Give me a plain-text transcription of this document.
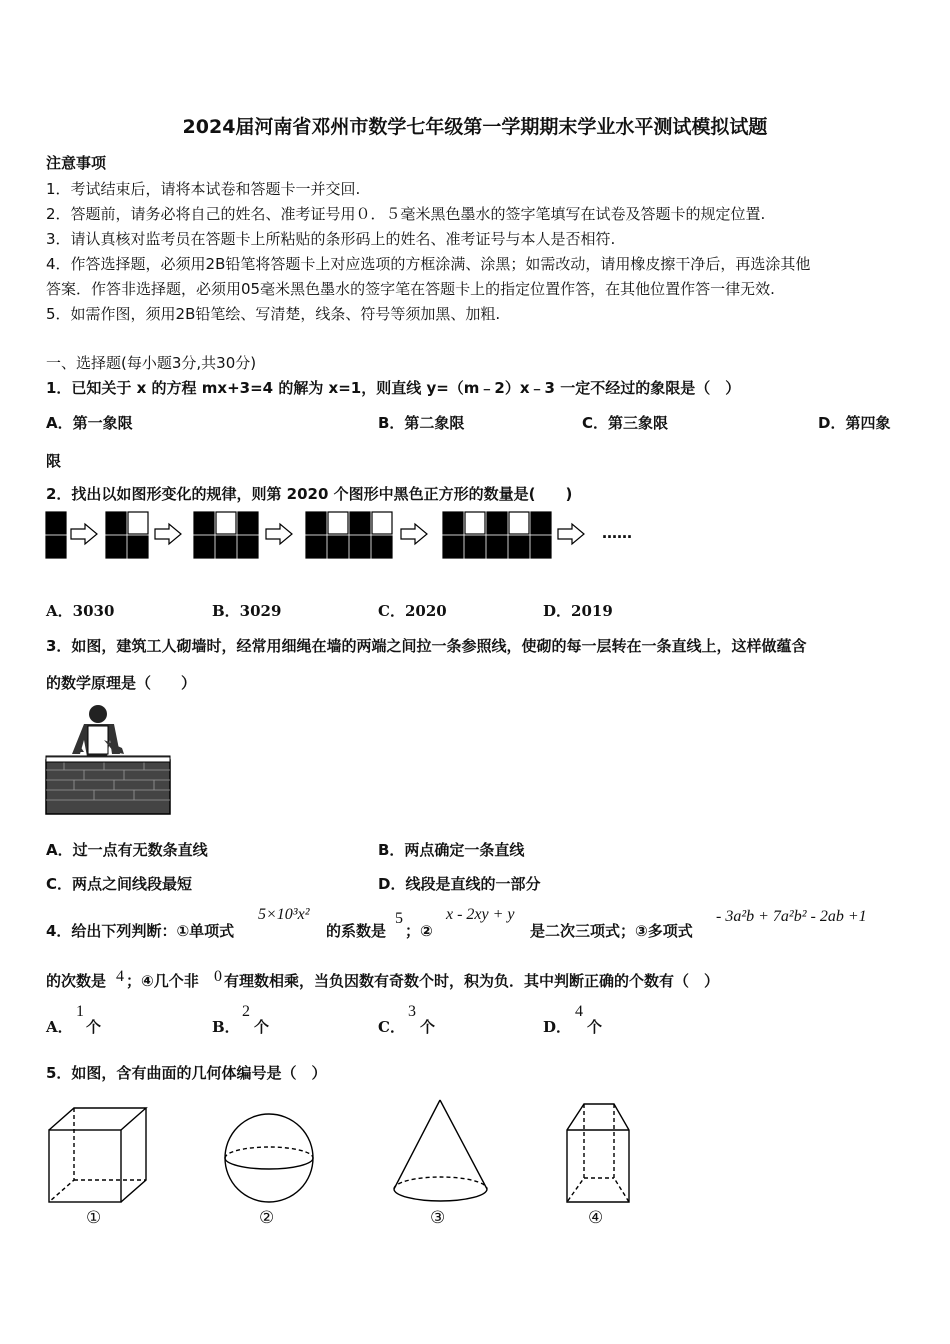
2024届河南省邓州市数学七年级第一学期期末学业水平测试模拟试题
注意事项
1．考试结束后，请将本试卷和答题卡一并交回.
2．答题前，请务必将自己的姓名、准考证号用０．５毫米黑色墨水的签字笔填写在试卷及答题卡的规定位置.
3．请认真核对监考员在答题卡上所粘贴的条形码上的姓名、准考证号与本人是否相符.
4．作答选择题，必须用2B铅笔将答题卡上对应选项的方框涂满、涂黑；如需改动，请用橡皮擦干净后，再选涂其他
答案．作答非选择题，必须用05毫米黑色墨水的签字笔在答题卡上的指定位置作答，在其他位置作答一律无效.
5．如需作图，须用2B铅笔绘、写清楚，线条、符号等须加黑、加粗.
一、选择题(每小题3分,共30分)
1．已知关于 x 的方程 mx+3=4 的解为 x=1，则直线 y=（m﹣2）x﹣3 一定不经过的象限是（　）
A．第一象限	B．第二象限	C．第三象限	D．第四象
限
2．找出以如图形变化的规律，则第 2020 个图形中黑色正方形的数量是(　　)
……
A．3030	B．3029	C．2020	D．2019
3．如图，建筑工人砌墙时，经常用细绳在墙的两端之间拉一条参照线，使砌的每一层转在一条直线上，这样做蕴含
的数学原理是（　　）
A．过一点有无数条直线	B．两点确定一条直线
C．两点之间线段最短	D．线段是直线的一部分
4．给出下列判断：①单项式
5×10³x²
的系数是
5
；②
x - 2xy + y
是二次三项式；③多项式
- 3a²b + 7a²b² - 2ab +1
的次数是 4 ；④几个非 0 有理数相乘，当负因数有奇数个时，积为负．其中判断正确的个数有（　）
A．
1
个	B．
2
个	C．
3
个	D．
4
个
5．如图，含有曲面的几何体编号是（　）
①	②	③	④
